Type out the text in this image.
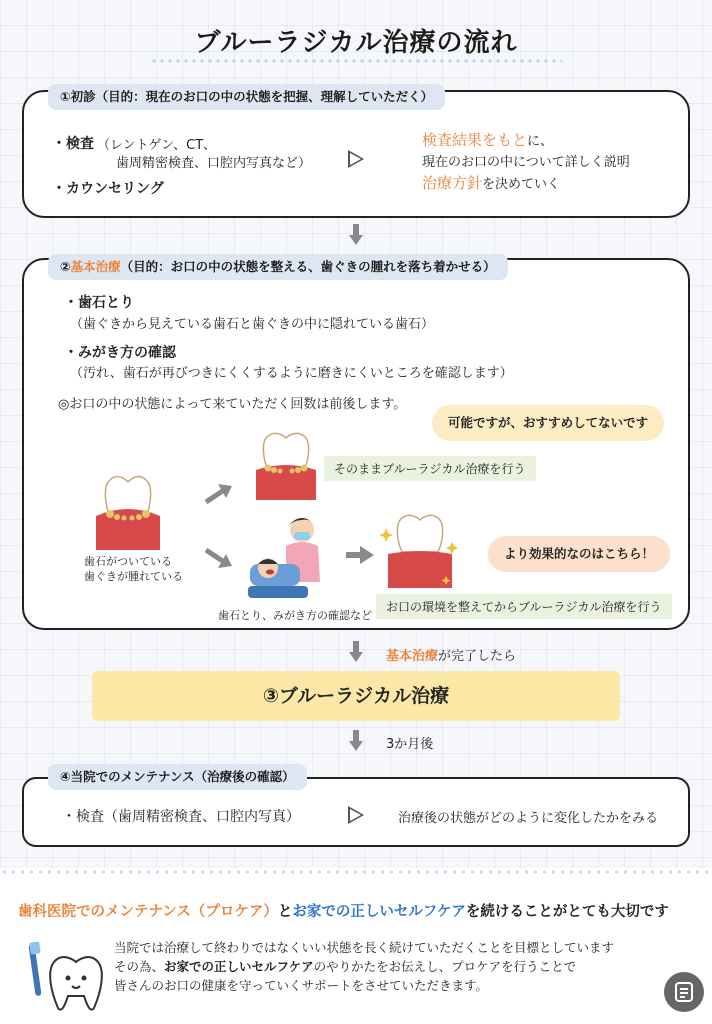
ブルーラジカル治療の流れ
①初診（目的：現在のお口の中の状態を把握、理解していただく）
・検査 （レントゲン、CT、
歯周精密検査、口腔内写真など）
・カウンセリング
検査結果をもとに、
現在のお口の中について詳しく説明
治療方針を決めていく
②基本治療（目的：お口の中の状態を整える、歯ぐきの腫れを落ち着かせる）
・歯石とり
（歯ぐきから見えている歯石と歯ぐきの中に隠れている歯石）
・みがき方の確認
（汚れ、歯石が再びつきにくくするように磨きにくいところを確認します）
◎お口の中の状態によって来ていただく回数は前後します。
可能ですが、おすすめしてないです
そのままブルーラジカル治療を行う
歯石がついている
歯ぐきが腫れている
より効果的なのはこちら！
歯石とり、みがき方の確認など
お口の環境を整えてからブルーラジカル治療を行う
基本治療が完了したら
③ブルーラジカル治療
3か月後
④当院でのメンテナンス（治療後の確認）
・検査（歯周精密検査、口腔内写真）	治療後の状態がどのように変化したかをみる
歯科医院でのメンテナンス（プロケア）とお家での正しいセルフケアを続けることがとても大切です
当院では治療して終わりではなくいい状態を長く続けていただくことを目標としています
その為、お家での正しいセルフケアのやりかたをお伝えし、プロケアを行うことで
皆さんのお口の健康を守っていくサポートをさせていただきます。
